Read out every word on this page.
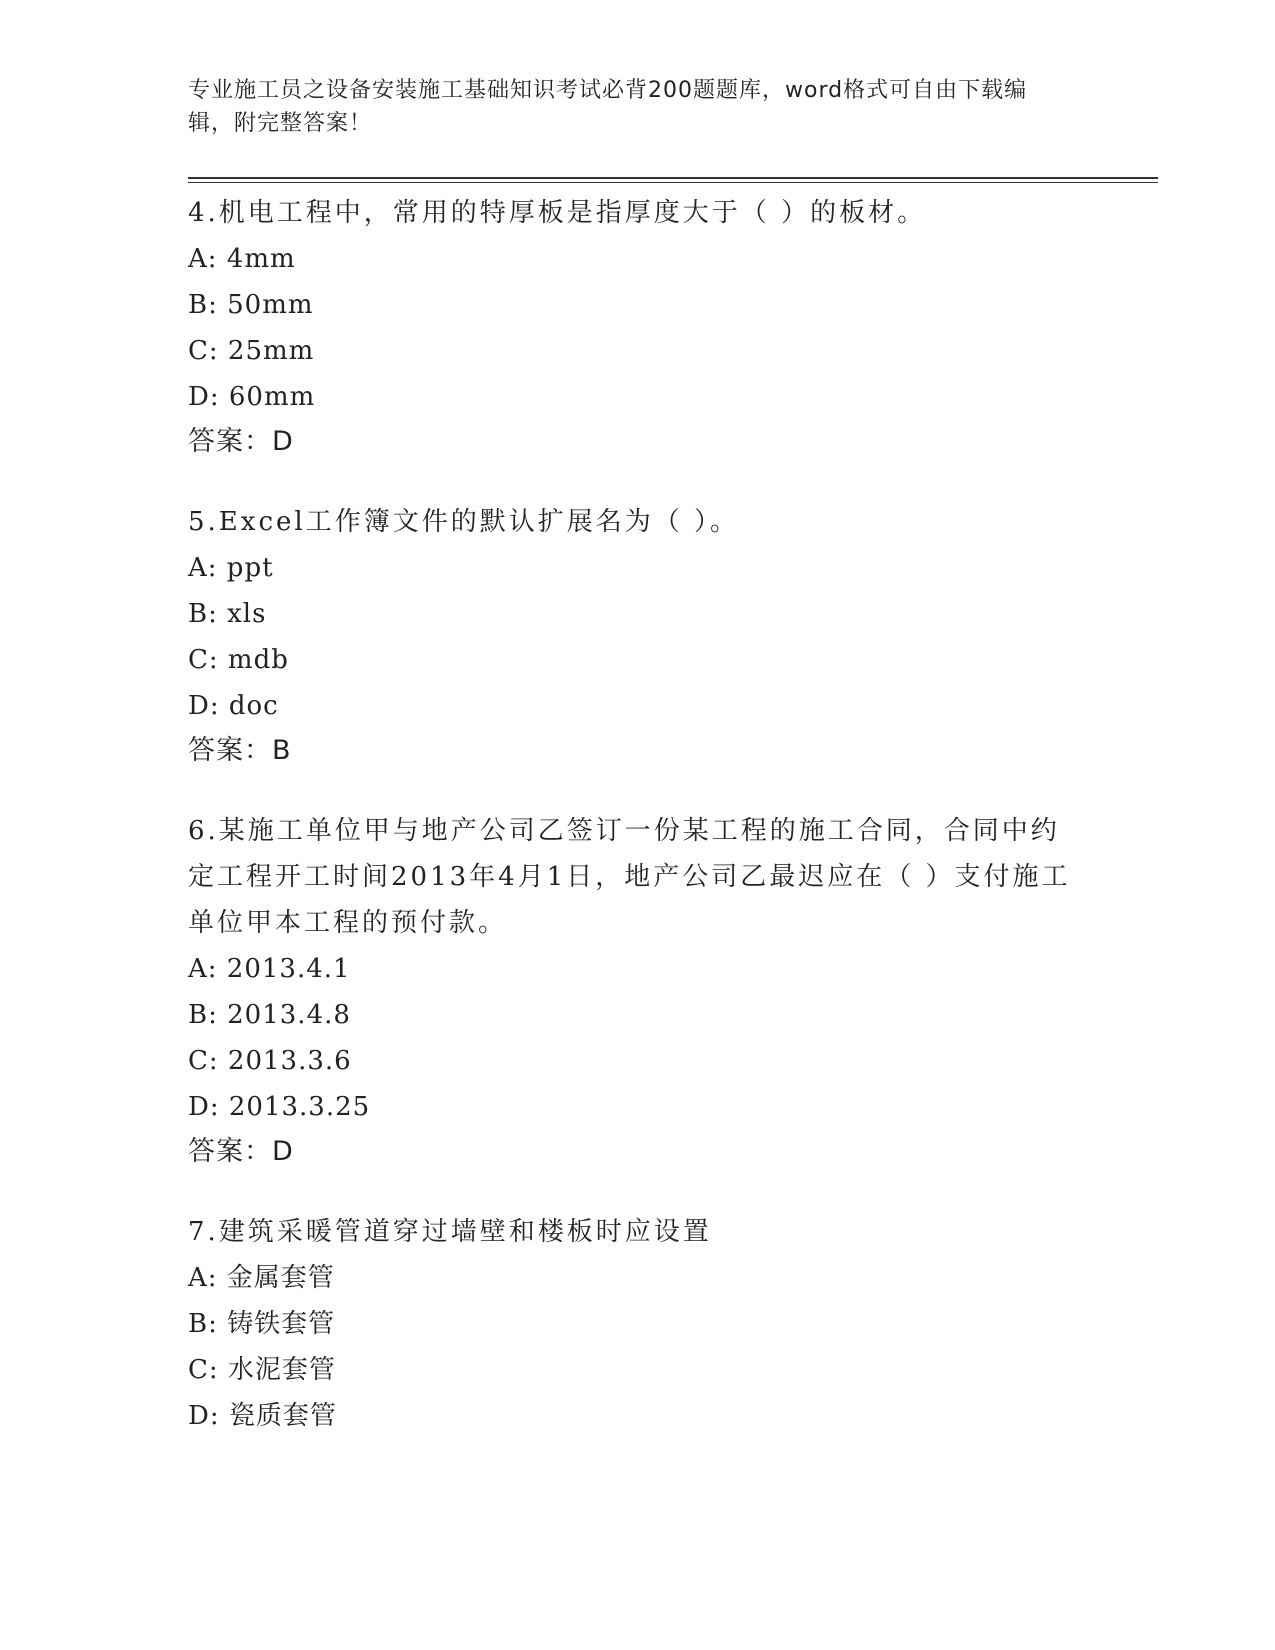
专业施工员之设备安装施工基础知识考试必背200题题库，word格式可自由下载编辑，附完整答案！

4.机电工程中，常用的特厚板是指厚度大于（ ）的板材。

A: 4mm

B: 50mm

C: 25mm

D: 60mm

答案：D

5.Excel工作簿文件的默认扩展名为（ ）。

A: ppt

B: xls

C: mdb

D: doc

答案：B

6.某施工单位甲与地产公司乙签订一份某工程的施工合同，合同中约定工程开工时间2013年4月1日，地产公司乙最迟应在（ ）支付施工单位甲本工程的预付款。

A: 2013.4.1

B: 2013.4.8

C: 2013.3.6

D: 2013.3.25

答案：D

7.建筑采暖管道穿过墙壁和楼板时应设置

A: 金属套管

B: 铸铁套管

C: 水泥套管

D: 瓷质套管
